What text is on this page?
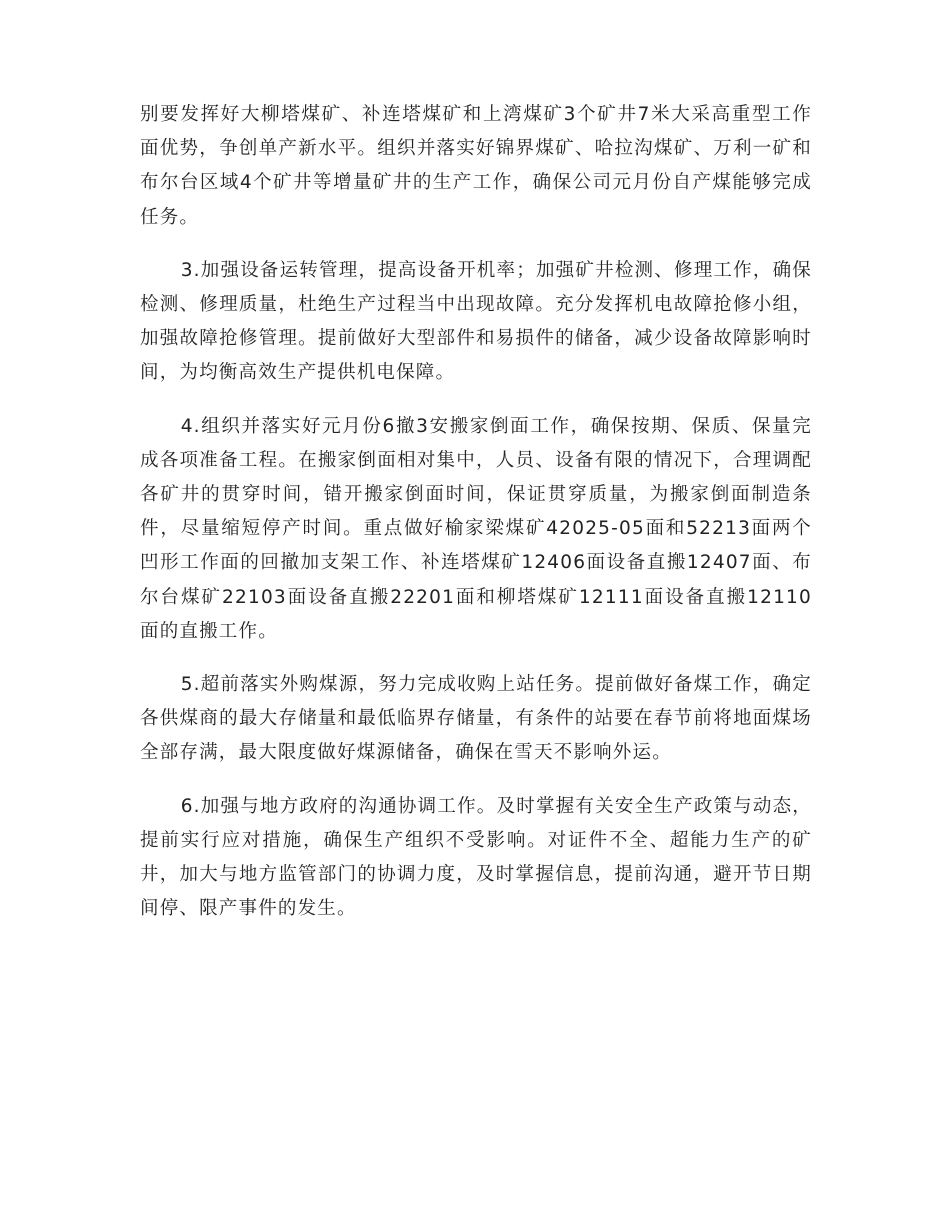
别要发挥好大柳塔煤矿、补连塔煤矿和上湾煤矿3个矿井7米大采高重型工作面优势，争创单产新水平。组织并落实好锦界煤矿、哈拉沟煤矿、万利一矿和布尔台区域4个矿井等增量矿井的生产工作，确保公司元月份自产煤能够完成任务。

3.加强设备运转管理，提高设备开机率；加强矿井检测、修理工作，确保检测、修理质量，杜绝生产过程当中出现故障。充分发挥机电故障抢修小组，加强故障抢修管理。提前做好大型部件和易损件的储备，减少设备故障影响时间，为均衡高效生产提供机电保障。

4.组织并落实好元月份6撤3安搬家倒面工作，确保按期、保质、保量完成各项准备工程。在搬家倒面相对集中，人员、设备有限的情况下，合理调配各矿井的贯穿时间，错开搬家倒面时间，保证贯穿质量，为搬家倒面制造条件，尽量缩短停产时间。重点做好榆家梁煤矿42025-05面和52213面两个凹形工作面的回撤加支架工作、补连塔煤矿12406面设备直搬12407面、布尔台煤矿22103面设备直搬22201面和柳塔煤矿12111面设备直搬12110面的直搬工作。

5.超前落实外购煤源，努力完成收购上站任务。提前做好备煤工作，确定各供煤商的最大存储量和最低临界存储量，有条件的站要在春节前将地面煤场全部存满，最大限度做好煤源储备，确保在雪天不影响外运。

6.加强与地方政府的沟通协调工作。及时掌握有关安全生产政策与动态，提前实行应对措施，确保生产组织不受影响。对证件不全、超能力生产的矿井，加大与地方监管部门的协调力度，及时掌握信息，提前沟通，避开节日期间停、限产事件的发生。
